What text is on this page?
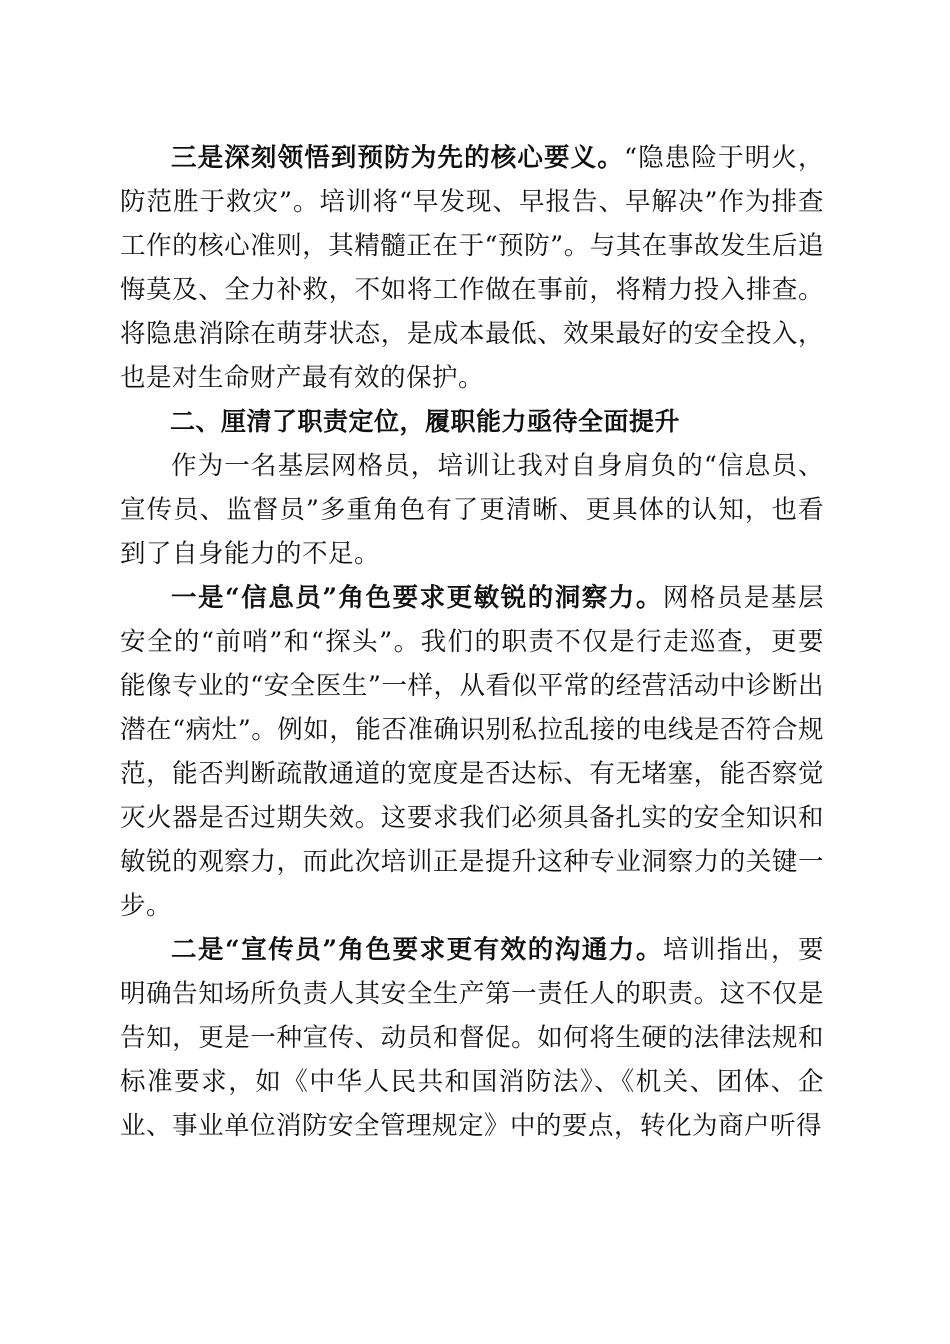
三是深刻领悟到预防为先的核心要义。“隐患险于明火，防范胜于救灾”。培训将“早发现、早报告、早解决”作为排查工作的核心准则，其精髓正在于“预防”。与其在事故发生后追悔莫及、全力补救，不如将工作做在事前，将精力投入排查。将隐患消除在萌芽状态，是成本最低、效果最好的安全投入，也是对生命财产最有效的保护。

二、厘清了职责定位，履职能力亟待全面提升

作为一名基层网格员，培训让我对自身肩负的“信息员、宣传员、监督员”多重角色有了更清晰、更具体的认知，也看到了自身能力的不足。

一是“信息员”角色要求更敏锐的洞察力。网格员是基层安全的“前哨”和“探头”。我们的职责不仅是行走巡查，更要能像专业的“安全医生”一样，从看似平常的经营活动中诊断出潜在“病灶”。例如，能否准确识别私拉乱接的电线是否符合规范，能否判断疏散通道的宽度是否达标、有无堵塞，能否察觉灭火器是否过期失效。这要求我们必须具备扎实的安全知识和敏锐的观察力，而此次培训正是提升这种专业洞察力的关键一步。

二是“宣传员”角色要求更有效的沟通力。培训指出，要明确告知场所负责人其安全生产第一责任人的职责。这不仅是告知，更是一种宣传、动员和督促。如何将生硬的法律法规和标准要求，如《中华人民共和国消防法》、《机关、团体、企业、事业单位消防安全管理规定》中的要点，转化为商户听得
